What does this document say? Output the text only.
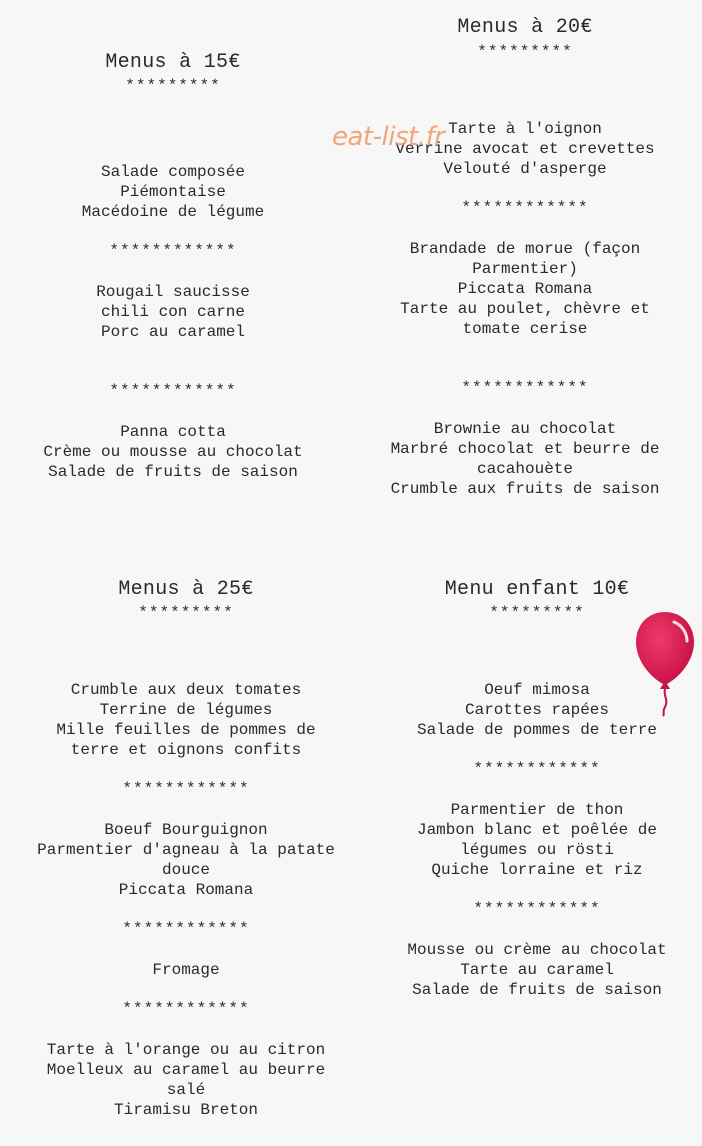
Menus à 15€
*********
Salade composée
Piémontaise
Macédoine de légume
************
Rougail saucisse
chili con carne
Porc au caramel
************
Panna cotta
Crème ou mousse au chocolat
Salade de fruits de saison
Menus à 20€
*********
Tarte à l'oignon
Verrine avocat et crevettes
Velouté d'asperge
************
Brandade de morue (façon
Parmentier)
Piccata Romana
Tarte au poulet, chèvre et
tomate cerise
************
Brownie au chocolat
Marbré chocolat et beurre de
cacahouète
Crumble aux fruits de saison
Menus à 25€
*********
Crumble aux deux tomates
Terrine de légumes
Mille feuilles de pommes de
terre et oignons confits
************
Boeuf Bourguignon
Parmentier d'agneau à la patate
douce
Piccata Romana
************
Fromage
************
Tarte à l'orange ou au citron
Moelleux au caramel au beurre
salé
Tiramisu Breton
Menu enfant 10€
*********
Oeuf mimosa
Carottes rapées
Salade de pommes de terre
************
Parmentier de thon
Jambon blanc et poêlée de
légumes ou rösti
Quiche lorraine et riz
************
Mousse ou crème au chocolat
Tarte au caramel
Salade de fruits de saison
eat-list.fr
